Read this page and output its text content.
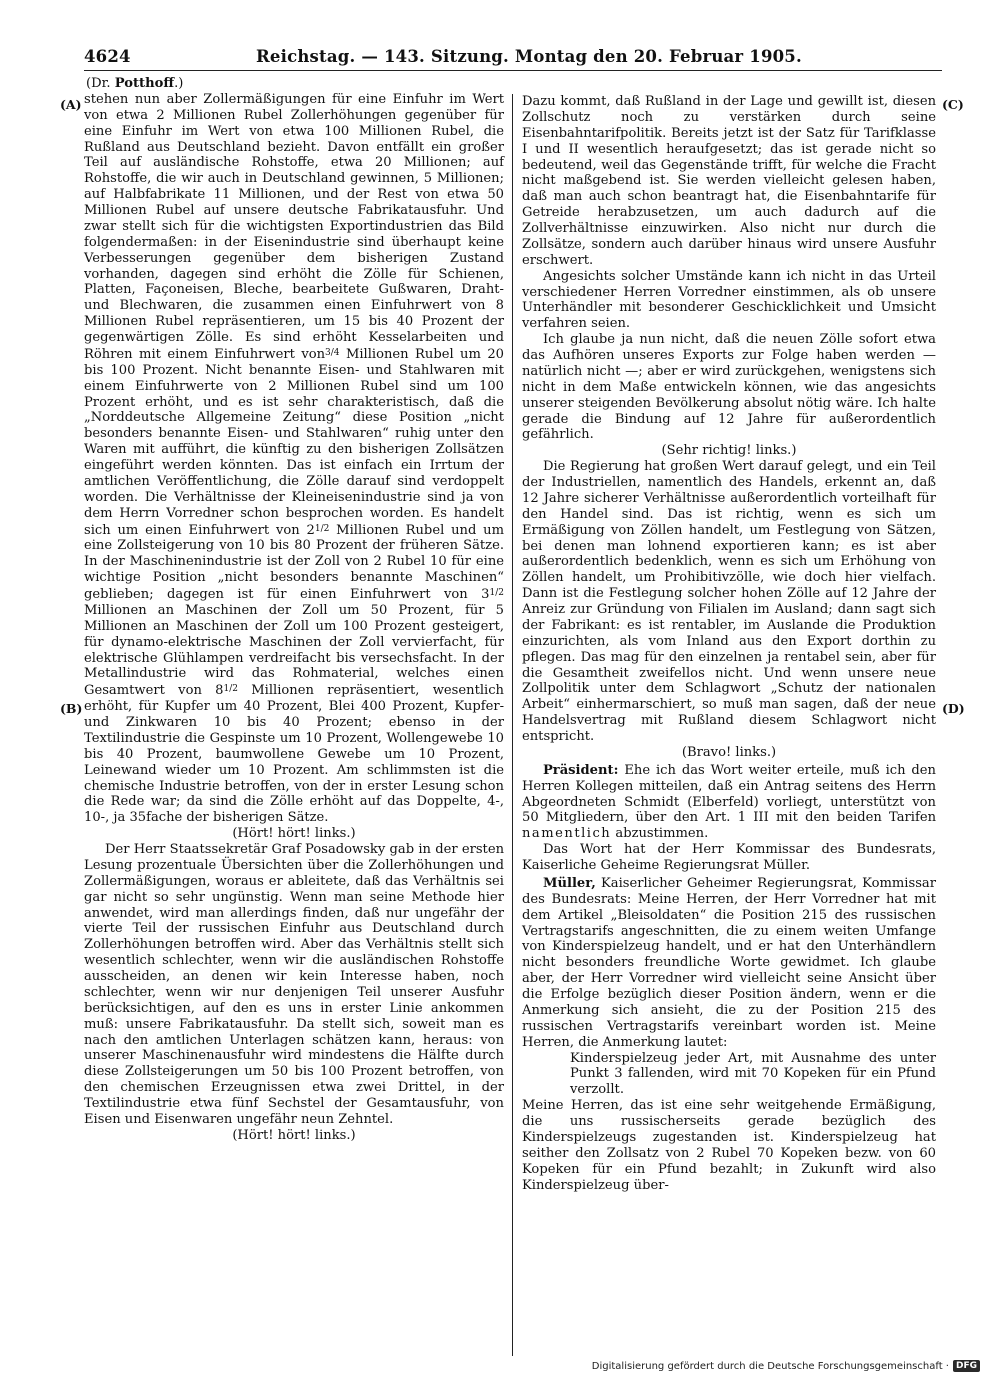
4624	Reichstag. — 143. Sitzung. Montag den 20. Februar 1905.
(A)
(B)
(C)
(D)

(Dr. Potthoff.)

stehen nun aber Zollermäßigungen für eine Einfuhr im Wert von etwa 2 Millionen Rubel Zollerhöhungen gegenüber für eine Einfuhr im Wert von etwa 100 Millionen Rubel, die Rußland aus Deutschland bezieht. Davon entfällt ein großer Teil auf ausländische Rohstoffe, etwa 20 Millionen; auf Rohstoffe, die wir auch in Deutschland gewinnen, 5 Millionen; auf Halbfabrikate 11 Millionen, und der Rest von etwa 50 Millionen Rubel auf unsere deutsche Fabrikatausfuhr. Und zwar stellt sich für die wichtigsten Exportindustrien das Bild folgendermaßen: in der Eisenindustrie sind überhaupt keine Verbesserungen gegenüber dem bisherigen Zustand vorhanden, dagegen sind erhöht die Zölle für Schienen, Platten, Façoneisen, Bleche, bearbeitete Gußwaren, Draht- und Blechwaren, die zusammen einen Einfuhrwert von 8 Millionen Rubel repräsentieren, um 15 bis 40 Prozent der gegenwärtigen Zölle. Es sind erhöht Kesselarbeiten und Röhren mit einem Einfuhrwert von$^{3/4}$ Millionen Rubel um 20 bis 100 Prozent. Nicht benannte Eisen- und Stahlwaren mit einem Einfuhrwerte von 2 Millionen Rubel sind um 100 Prozent erhöht, und es ist sehr charakteristisch, daß die „Norddeutsche Allgemeine Zeitung“ diese Position „nicht besonders benannte Eisen- und Stahlwaren“ ruhig unter den Waren mit aufführt, die künftig zu den bisherigen Zollsätzen eingeführt werden könnten. Das ist einfach ein Irrtum der amtlichen Veröffentlichung, die Zölle darauf sind verdoppelt worden. Die Verhältnisse der Kleineisenindustrie sind ja von dem Herrn Vorredner schon besprochen worden. Es handelt sich um einen Einfuhrwert von $2^{1/2}$ Millionen Rubel und um eine Zollsteigerung von 10 bis 80 Prozent der früheren Sätze. In der Maschinenindustrie ist der Zoll von 2 Rubel 10 für eine wichtige Position „nicht besonders benannte Maschinen“ geblieben; dagegen ist für einen Einfuhrwert von $3^{1/2}$ Millionen an Maschinen der Zoll um 50 Prozent, für 5 Millionen an Maschinen der Zoll um 100 Prozent gesteigert, für dynamo-elektrische Maschinen der Zoll vervierfacht, für elektrische Glühlampen verdreifacht bis versechsfacht. In der Metallindustrie wird das Rohmaterial, welches einen Gesamtwert von $8^{1/2}$ Millionen repräsentiert, wesentlich erhöht, für Kupfer um 40 Prozent, Blei 400 Prozent, Kupfer- und Zinkwaren 10 bis 40 Prozent; ebenso in der Textilindustrie die Gespinste um 10 Prozent, Wollengewebe 10 bis 40 Prozent, baumwollene Gewebe um 10 Prozent, Leinewand wieder um 10 Prozent. Am schlimmsten ist die chemische Industrie betroffen, von der in erster Lesung schon die Rede war; da sind die Zölle erhöht auf das Doppelte, 4-, 10-, ja 35fache der bisherigen Sätze.

(Hört! hört! links.)

Der Herr Staatssekretär Graf Posadowsky gab in der ersten Lesung prozentuale Übersichten über die Zollerhöhungen und Zollermäßigungen, woraus er ableitete, daß das Verhältnis sei gar nicht so sehr ungünstig. Wenn man seine Methode hier anwendet, wird man allerdings finden, daß nur ungefähr der vierte Teil der russischen Einfuhr aus Deutschland durch Zollerhöhungen betroffen wird. Aber das Verhältnis stellt sich wesentlich schlechter, wenn wir die ausländischen Rohstoffe ausscheiden, an denen wir kein Interesse haben, noch schlechter, wenn wir nur denjenigen Teil unserer Ausfuhr berücksichtigen, auf den es uns in erster Linie ankommen muß: unsere Fabrikatausfuhr. Da stellt sich, soweit man es nach den amtlichen Unterlagen schätzen kann, heraus: von unserer Maschinenausfuhr wird mindestens die Hälfte durch diese Zollsteigerungen um 50 bis 100 Prozent betroffen, von den chemischen Erzeugnissen etwa zwei Drittel, in der Textilindustrie etwa fünf Sechstel der Gesamtausfuhr, von Eisen und Eisenwaren ungefähr neun Zehntel.

(Hört! hört! links.)

Dazu kommt, daß Rußland in der Lage und gewillt ist, diesen Zollschutz noch zu verstärken durch seine Eisenbahntarifpolitik. Bereits jetzt ist der Satz für Tarifklasse I und II wesentlich heraufgesetzt; das ist gerade nicht so bedeutend, weil das Gegenstände trifft, für welche die Fracht nicht maßgebend ist. Sie werden vielleicht gelesen haben, daß man auch schon beantragt hat, die Eisenbahntarife für Getreide herabzusetzen, um auch dadurch auf die Zollverhältnisse einzuwirken. Also nicht nur durch die Zollsätze, sondern auch darüber hinaus wird unsere Ausfuhr erschwert.

Angesichts solcher Umstände kann ich nicht in das Urteil verschiedener Herren Vorredner einstimmen, als ob unsere Unterhändler mit besonderer Geschicklichkeit und Umsicht verfahren seien.

Ich glaube ja nun nicht, daß die neuen Zölle sofort etwa das Aufhören unseres Exports zur Folge haben werden — natürlich nicht —; aber er wird zurückgehen, wenigstens sich nicht in dem Maße entwickeln können, wie das angesichts unserer steigenden Bevölkerung absolut nötig wäre. Ich halte gerade die Bindung auf 12 Jahre für außerordentlich gefährlich.

(Sehr richtig! links.)

Die Regierung hat großen Wert darauf gelegt, und ein Teil der Industriellen, namentlich des Handels, erkennt an, daß 12 Jahre sicherer Verhältnisse außerordentlich vorteilhaft für den Handel sind. Das ist richtig, wenn es sich um Ermäßigung von Zöllen handelt, um Festlegung von Sätzen, bei denen man lohnend exportieren kann; es ist aber außerordentlich bedenklich, wenn es sich um Erhöhung von Zöllen handelt, um Prohibitivzölle, wie doch hier vielfach. Dann ist die Festlegung solcher hohen Zölle auf 12 Jahre der Anreiz zur Gründung von Filialen im Ausland; dann sagt sich der Fabrikant: es ist rentabler, im Auslande die Produktion einzurichten, als vom Inland aus den Export dorthin zu pflegen. Das mag für den einzelnen ja rentabel sein, aber für die Gesamtheit zweifellos nicht. Und wenn unsere neue Zollpolitik unter dem Schlagwort „Schutz der nationalen Arbeit“ einhermarschiert, so muß man sagen, daß der neue Handelsvertrag mit Rußland diesem Schlagwort nicht entspricht.

(Bravo! links.)

Präsident: Ehe ich das Wort weiter erteile, muß ich den Herren Kollegen mitteilen, daß ein Antrag seitens des Herrn Abgeordneten Schmidt (Elberfeld) vorliegt, unterstützt von 50 Mitgliedern, über den Art. 1 III mit den beiden Tarifen namentlich abzustimmen.

Das Wort hat der Herr Kommissar des Bundesrats, Kaiserliche Geheime Regierungsrat Müller.

Müller, Kaiserlicher Geheimer Regierungsrat, Kommissar des Bundesrats: Meine Herren, der Herr Vorredner hat mit dem Artikel „Bleisoldaten“ die Position 215 des russischen Vertragstarifs angeschnitten, die zu einem weiten Umfange von Kinderspielzeug handelt, und er hat den Unterhändlern nicht besonders freundliche Worte gewidmet. Ich glaube aber, der Herr Vorredner wird vielleicht seine Ansicht über die Erfolge bezüglich dieser Position ändern, wenn er die Anmerkung sich ansieht, die zu der Position 215 des russischen Vertragstarifs vereinbart worden ist. Meine Herren, die Anmerkung lautet:

Kinderspielzeug jeder Art, mit Ausnahme des unter Punkt 3 fallenden, wird mit 70 Kopeken für ein Pfund verzollt.

Meine Herren, das ist eine sehr weitgehende Ermäßigung, die uns russischerseits gerade bezüglich des Kinderspielzeugs zugestanden ist. Kinderspielzeug hat seither den Zollsatz von 2 Rubel 70 Kopeken bezw. von 60 Kopeken für ein Pfund bezahlt; in Zukunft wird also Kinderspielzeug über-

Digitalisierung gefördert durch die Deutsche Forschungsgemeinschaft · DFG
